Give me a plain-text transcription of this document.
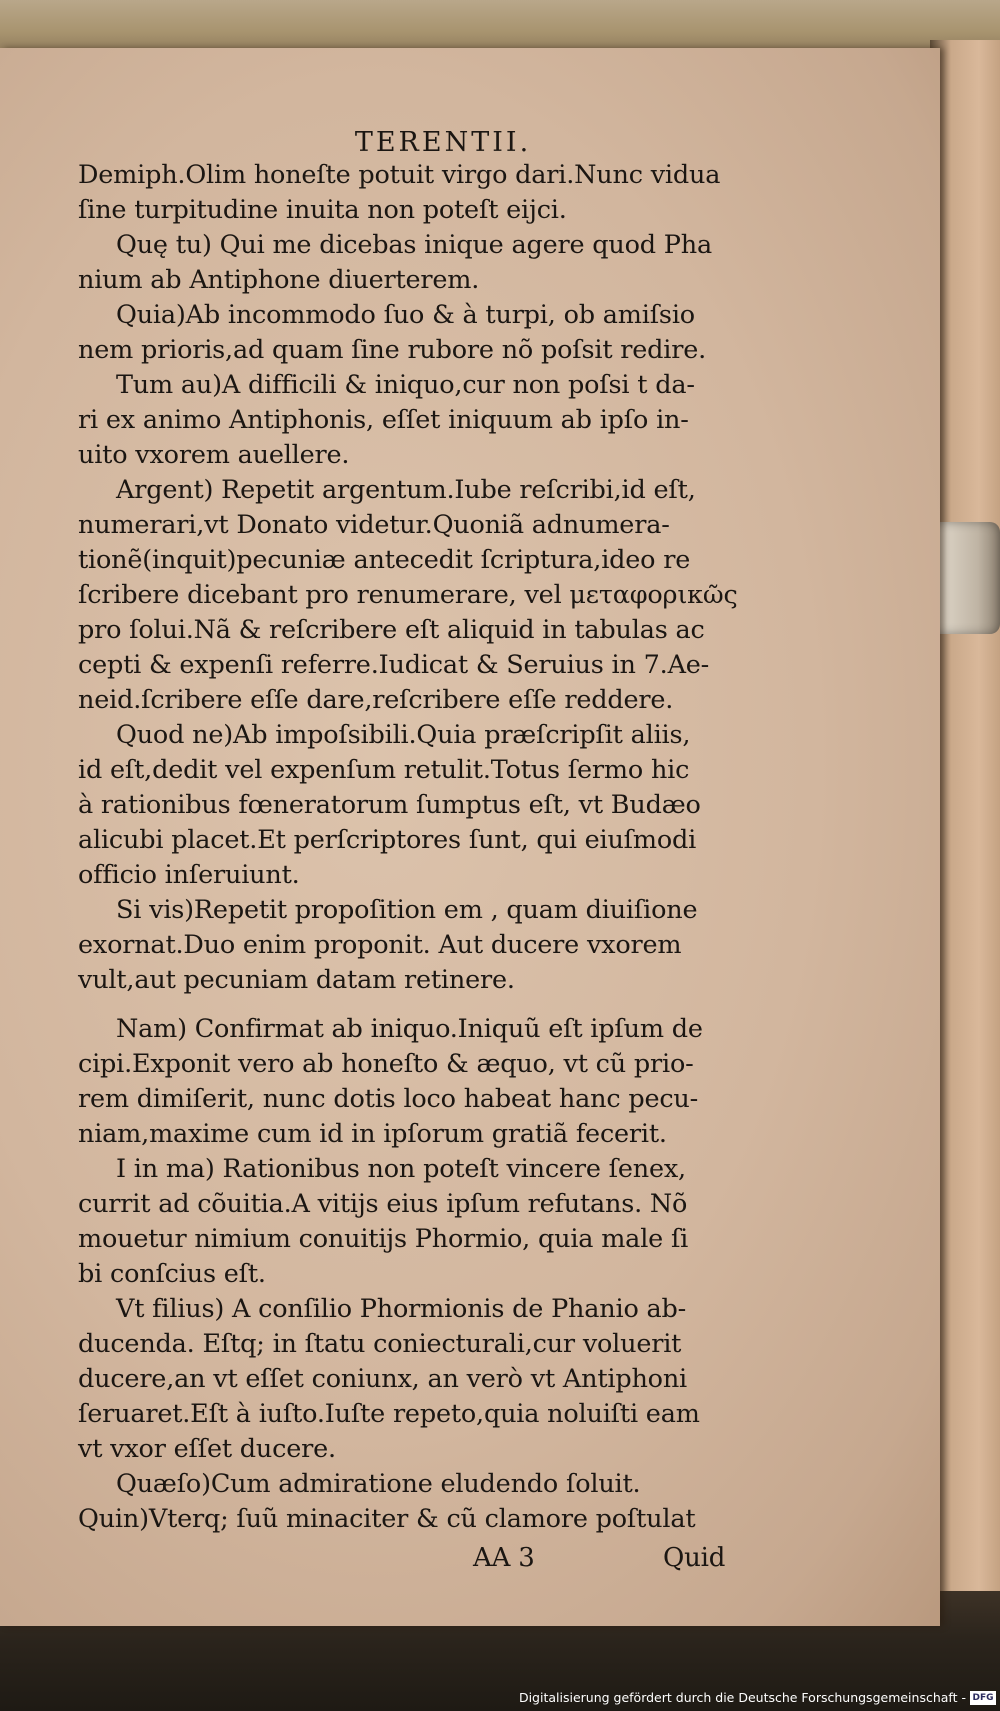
TERENTII.
Demiph.Olim honeſte potuit virgo dari.Nunc vidua
ſine turpitudine inuita non poteſt eijci.
Quę tu) Qui me dicebas inique agere quod Pha
nium ab Antiphone diuerterem.
Quia)Ab incommodo ſuo & à turpi, ob amiſsio
nem prioris,ad quam ſine rubore nõ poſsit redire.
Tum au)A difficili & iniquo,cur non poſsi t da-
ri ex animo Antiphonis, eſſet iniquum ab ipſo in-
uito vxorem auellere.
Argent) Repetit argentum.Iube reſcribi,id eſt,
numerari,vt Donato videtur.Quoniã adnumera-
tionẽ(inquit)pecuniæ antecedit ſcriptura,ideo re
ſcribere dicebant pro renumerare, vel μεταφορικῶς
pro ſolui.Nã & reſcribere eſt aliquid in tabulas ac
cepti & expenſi referre.Iudicat & Seruius in 7.Ae-
neid.ſcribere eſſe dare,reſcribere eſſe reddere.
Quod ne)Ab impoſsibili.Quia præſcripſit aliis,
id eſt,dedit vel expenſum retulit.Totus ſermo hic
à rationibus fœneratorum ſumptus eſt, vt Budæo
alicubi placet.Et perſcriptores ſunt, qui eiuſmodi
officio inſeruiunt.
Si vis)Repetit propoſition em , quam diuiſione
exornat.Duo enim proponit. Aut ducere vxorem
vult,aut pecuniam datam retinere.
Nam) Confirmat ab iniquo.Iniquũ eſt ipſum de
cipi.Exponit vero ab honeſto & æquo, vt cũ prio-
rem dimiſerit, nunc dotis loco habeat hanc pecu-
niam,maxime cum id in ipſorum gratiã fecerit.
I in ma) Rationibus non poteſt vincere ſenex,
currit ad cõuitia.A vitijs eius ipſum refutans. Nõ
mouetur nimium conuitijs Phormio, quia male ſi
bi conſcius eſt.
Vt filius) A conſilio Phormionis de Phanio ab-
ducenda. Eſtq; in ſtatu coniecturali,cur voluerit
ducere,an vt eſſet coniunx, an verò vt Antiphoni
ſeruaret.Eſt à iuſto.Iuſte repeto,quia noluiſti eam
vt vxor eſſet ducere.
Quæſo)Cum admiratione eludendo ſoluit.
Quin)Vterq; ſuũ minaciter & cũ clamore poſtulat
AA 3	Quid
Digitalisierung gefördert durch die Deutsche Forschungsgemeinschaft - DFG
